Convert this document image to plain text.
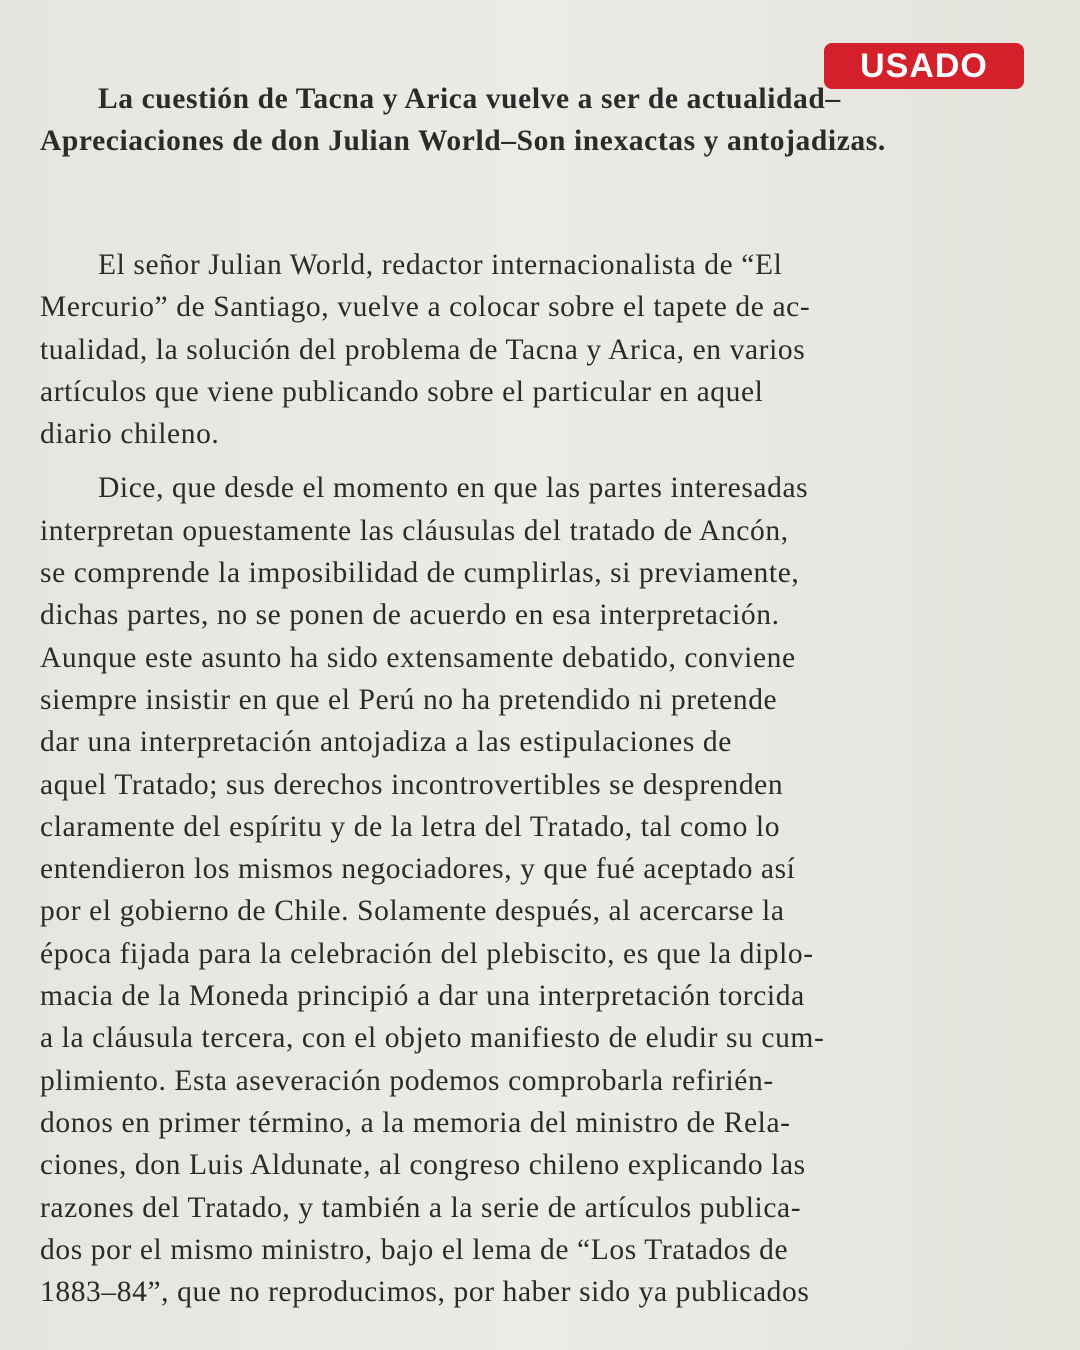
USADO
La cuestión de Tacna y Arica vuelve a ser de actualidad–
Apreciaciones de don Julian World–Son inexactas y antojadizas.
El señor Julian World, redactor internacionalista de “El
Mercurio” de Santiago, vuelve a colocar sobre el tapete de ac-
tualidad, la solución del problema de Tacna y Arica, en varios
artículos que viene publicando sobre el particular en aquel
diario chileno.
Dice, que desde el momento en que las partes interesadas
interpretan opuestamente las cláusulas del tratado de Ancón,
se comprende la imposibilidad de cumplirlas, si previamente,
dichas partes, no se ponen de acuerdo en esa interpretación.
Aunque este asunto ha sido extensamente debatido, conviene
siempre insistir en que el Perú no ha pretendido ni pretende
dar una interpretación antojadiza a las estipulaciones de
aquel Tratado; sus derechos incontrovertibles se desprenden
claramente del espíritu y de la letra del Tratado, tal como lo
entendieron los mismos negociadores, y que fué aceptado así
por el gobierno de Chile. Solamente después, al acercarse la
época fijada para la celebración del plebiscito, es que la diplo-
macia de la Moneda principió a dar una interpretación torcida
a la cláusula tercera, con el objeto manifiesto de eludir su cum-
plimiento. Esta aseveración podemos comprobarla refirién-
donos en primer término, a la memoria del ministro de Rela-
ciones, don Luis Aldunate, al congreso chileno explicando las
razones del Tratado, y también a la serie de artículos publica-
dos por el mismo ministro, bajo el lema de “Los Tratados de
1883–84”, que no reproducimos, por haber sido ya publicados
